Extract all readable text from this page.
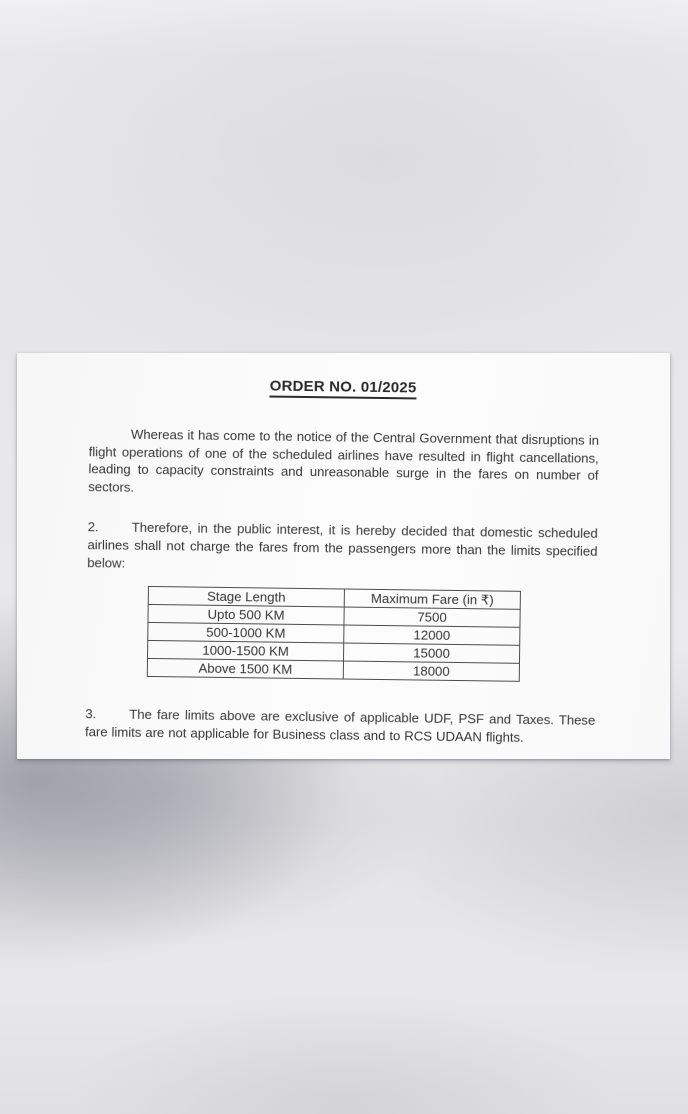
ORDER NO. 01/2025

Whereas it has come to the notice of the Central Government that disruptions in flight operations of one of the scheduled airlines have resulted in flight cancellations, leading to capacity constraints and unreasonable surge in the fares on number of sectors.

2. Therefore, in the public interest, it is hereby decided that domestic scheduled airlines shall not charge the fares from the passengers more than the limits specified below:

Stage Length	Maximum Fare (in ₹)
Upto 500 KM	7500
500-1000 KM	12000
1000-1500 KM	15000
Above 1500 KM	18000

3. The fare limits above are exclusive of applicable UDF, PSF and Taxes. These fare limits are not applicable for Business class and to RCS UDAAN flights.
